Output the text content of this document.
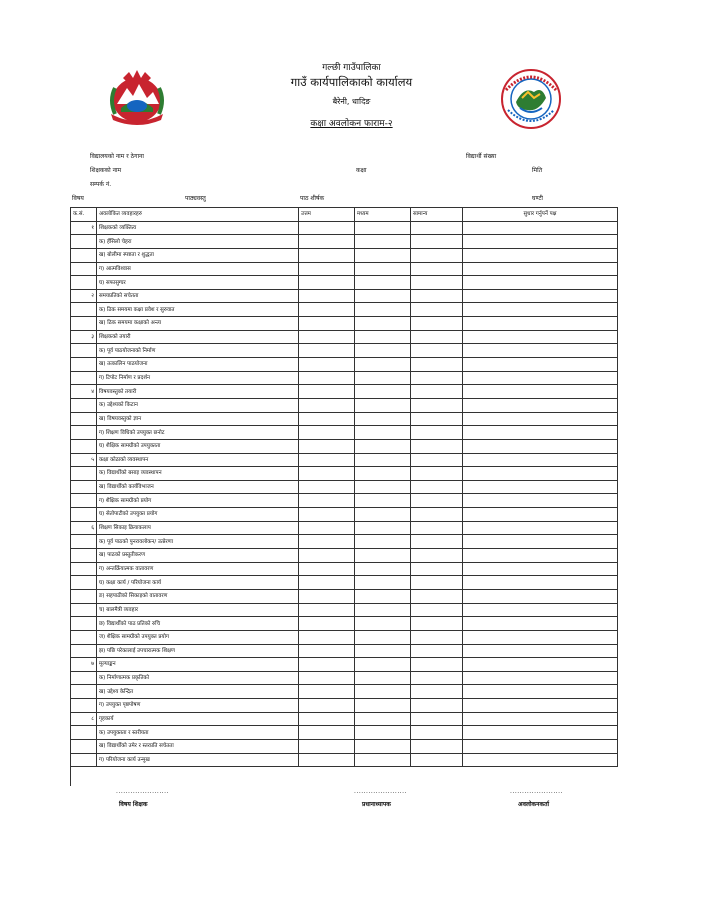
गल्छी गाउँपालिका
गाउँ कार्यपालिकाको कार्यालय
बैरेनी, धादिङ
कक्षा अवलोकन फाराम-२
विद्यालयको नाम र ठेगाना	विद्यार्थी संख्या
शिक्षकको नाम	कक्षा	मिति
सम्पर्क नं.
विषय	पाठ्यवस्तु	पाठ शीर्षक	घण्टी
क.सं.	अवलोकित व्यवहारहरु	उत्तम	मध्यम	सामान्य	सुधार गर्नुपर्ने पक्ष
१	शिक्षकको व्यक्तित्व				
	क) हँसिलो चेहरा				
	ख) बोलीमा स्पष्टता र शुद्धता				
	ग) आत्मविश्वास				
	घ) सफासुग्घर				
२	समयप्रतिको सचेतता				
	क) ठिक समयमा कक्षा प्रवेश र सुरुवात				
	ख) ठिक समयमा कक्षाको अन्त्य				
३	शिक्षकको तयारी				
	क) पूर्व पाठयोजनाको निर्माण				
	ख) तत्कालिन पाठयोजना				
	ग) टिपोट निर्माण र प्रदर्शन				
४	विषयवस्तुको तयारी				
	क) उद्देश्यको किटान				
	ख) विषयवस्तुको ज्ञान				
	ग) शिक्षण विधिको उपयुक्त छनोट				
	घ) शैक्षिक सामग्रीको उपयुक्तता				
५	कक्षा कोठाको व्यवस्थापन				
	क) विद्यार्थीको बसाइ व्यवस्थापन				
	ख) विद्यार्थीको कार्यविभाजन				
	ग) शैक्षिक सामग्रीको प्रयोग				
	घ) सेतोपाटीको उपयुक्त प्रयोग				
६	शिक्षण सिकाइ क्रियाकलाप				
	क) पूर्व पाठको पुनरावलोकन/ उत्प्रेरणा				
	ख) पाठको प्रस्तुतीकरण				
	ग) अन्तर्क्रियात्मक वातावरण				
	घ) कक्षा कार्य / परियोजना कार्य				
	ङ) सहपाठीको सिकाइको वातावरण				
	च) बालमैत्री व्यवहार				
	छ) विद्यार्थीको पाठ प्रतिको रुचि				
	ज) शैक्षिक सामग्रीको उपयुक्त प्रयोग				
	झ) पछि परेकालाई उपचारात्मक शिक्षण				
७	मूल्याङ्कन				
	क) निर्माणात्मक प्रकृतिको				
	ख) उद्देश्य केन्द्रित				
	ग) उपयुक्त पृष्ठपोषण				
८	गृहकार्य				
	क) उपयुक्तता र स्तरीयता				
	ख) विद्यार्थीको उमेर र स्तरप्रति सचेतता				
	ग) परियोजना कार्य उन्मुख				
......................	......................	......................
विषय शिक्षक	प्रधानाध्यापक	अवलोकनकर्ता
